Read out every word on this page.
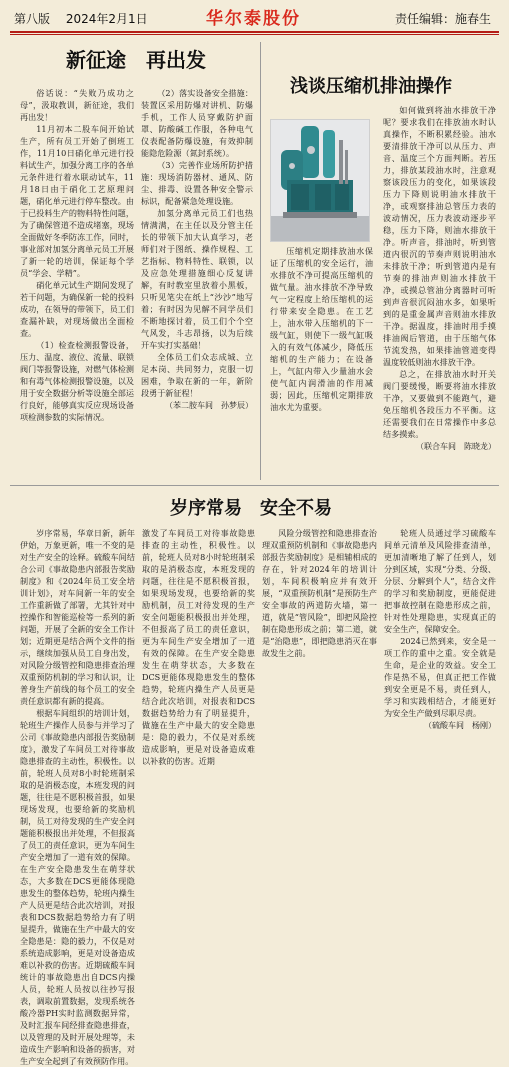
第八版 2024年2月1日	华尔泰股份	责任编辑：施春生
新征途　再出发

俗话说：“失败乃成功之母”，汲取教训，新征途，我们再出发！

11月初本二股车间开始试生产，所有员工开始了倒班工作，11月10日硝化单元进行投料试生产，加强分离工序的各单元条件进行着水联动试车，11月18日由于硝化工艺原理问题，硝化单元进行停车整改。由于已投料生产的物料特性问题，为了确保管道不造成堵塞，现场全面做好冬季防冻工作，同时，事业部对加氢分离单元员工开展了新一轮的培训，保证每个学员“学会、学精”。

硝化单元试生产期间发现了若干问题，为确保新一轮的投料成功，在领导的带领下，员工们查漏补缺，对现场做出全面检查。

（1）检查检测报警设备，压力、温度、液位、流量、联锁阀门等报警设施，对燃气体检测和有毒气体检测报警设施，以及用于安全数据分析等设施全部运行良好，能够真实反应现场设备项检测参数的实际情况。

（2）落实设备安全措施：装置区采用防爆对讲机、防爆手机，工作人员穿戴防护面罩、防酸碱工作服，各种电气仪表配备防爆设施，有效抑制能隐危险源（氮封系统）。

（3）完善作业场所防护措施：现场消防器材、通风、防尘、排毒、设置各种安全警示标识，配备紧急处理设施。

加氢分离单元员工们也热情满满，在主任以及分管主任长的带领下加大认真学习，老师们对于图纸、操作规程、工艺指标、物料特性、联锁，以及应急处理措施细心反复讲解，有时教室里放着小黑板，只听见笔尖在纸上“沙沙”地写着；有时因为见解不同学员们不断地探讨着，员工们个个空气风发，斗志昂扬，以为后续开车实打实基础！

全体员工们众志成城、立足本岗、共同努力，克服一切困难，争取在新的一年，新阶段勇于新征程！

（苯二胺车间　孙梦辰）
浅谈压缩机排油操作

压缩机定期排放油水保证了压缩机的安全运行，油水排放不净可提高压缩机的做气量。油水排放不净导致气一定程度上给压缩机的运行带来安全隐患。在工艺上，油水带入压缩机的下一级气缸，则使下一级气缸吸入的有效气体减少，降低压缩机的生产能力；在设备上，气缸内带入少量油水会使气缸内润滑油的作用减弱；因此，压缩机定期排放油水尤为重要。

如何做到将油水排放干净呢？要求我们在排放油水时认真操作，不断积累经验。油水要清排放干净可以从压力、声音、温度三个方面判断。若压力，排放某段油水时，注意观察该段压力的变化，如果该段压力下降则说明油水排放干净，或观察排油总管压力表的波动情况，压力表波动逐步平稳，压力下降，则油水排放干净。听声音，排油时，听到管道内很沉的节奏声则说明油水未排放干净；听到管道内是有节奏的排油声则油水排放干净，或摸总管油分离器时可听到声音很沉闷油水多，如果听到的是重金属声音则油水排放干净。据温度，排油时用手摸排油阀后管道，由于压缩气体节流发热，如果排油管道变得温度较低则油水排放干净。

总之，在排放油水时开关阀门要缓慢，断要将油水排放干净，又要做到不能跑气，避免压缩机各段压力不平衡。这还需要我们在日常操作中多总结多摸索。

（联合车间　陈晓龙）
岁序常易　安全不易

岁序常易，华章日新，新年伊始，万象更新，唯一不变的是对生产安全的诠释。硫酸车间结合公司《事故隐患内部报告奖励制度》和《2024年员工安全培训计划》，对车间新一年的安全工作重新做了部署，尤其针对中控操作和智能巡检等一系列的新问题，开展了全新的安全工作计划；近期更是结合两个文件的指示，继续加强从员工自身出发，对风险分级管控和隐患排查治理双重预防机制的学习和认识，让普身生产前线的每个员工的安全责任意识都有新的提高。

根据车间组织的培训计划，轮班生产操作人员参与并学习了公司《事故隐患内部报告奖励制度》，激发了车间员工对待事故隐患排查的主动性，积极性。以前，轮班人员对8小时轮班制采取的是消极态度，本班发现的问题，往往是不愿积极首报，如果现场发现，也要给新的奖励机制，员工对待发现的生产安全问题能积极报出并处理，不但报高了员工的责任意识，更为车间生产安全增加了一道有效的保障。在生产安全隐患发生在萌芽状态，大多数在DCS更能体现隐患发生的整体趋势，轮班内操生产人员更是结合此次培训，对报表和DCS数据趋势给力有了明显提升，做施在生产中最大的安全隐患是：隐的毅力，不仅是对系统造成影响，更是对设备造成难以补救的伤害。近期硫酸车间统计的事故隐患出自DCS内操人员，轮班人员按以往抄写报表，调取前置数据，发现系统各酸冷器PH实时监测数据异常，及时汇报车间经排查隐患排查，以及管理的及时开展处理等，未造成生产影响和设备的损害，对生产安全起到了有效预防作用。

激发了车间员工对待事故隐患排查的主动性，积极性。以前，轮班人员对8小时轮班制采取的是消极态度，本班发现的问题，往往是不愿积极首报，如果现场发现，也要给新的奖励机制，员工对待发现的生产安全问题能积极报出并处理，不但报高了员工的责任意识，更为车间生产安全增加了一道有效的保障。在生产安全隐患发生在萌芽状态，大多数在DCS更能体现隐患发生的整体趋势，轮班内操生产人员更是结合此次培训，对报表和DCS数据趋势给力有了明显提升，做施在生产中最大的安全隐患是：隐的毅力，不仅是对系统造成影响，更是对设备造成难以补救的伤害。近期

风险分级管控和隐患排查治理双重预防机制和《事故隐患内部报告奖励制度》是相辅相成的存在，针对2024年的培训计划，车间积极响应并有效开展，“双重预防机制”是预防生产安全事故的两道防火墙，第一道，就是“管风险”，即把风险控制在隐患形成之前；第二道，就是“治隐患”，即把隐患消灭在事故发生之前。

轮班人员通过学习硫酸车间单元清单及风险排查清单，更加清晰地了解了任到人，划分到区域，实现“分类、分级、分层、分解到个人”，结合文件的学习和奖励制度，更能促进把事故控制在隐患形成之前，针对性处理隐患，实现真正的安全生产，保障安全。

2024已然到来，安全是一项工作的重中之重。安全就是生命，是企业的效益。安全工作是热不易，但真正把工作做到安全更是不易，责任到人，学习和实践相结合，才能更好为安全生产做到尽职尽责。

（硫酸车间　杨刚）
